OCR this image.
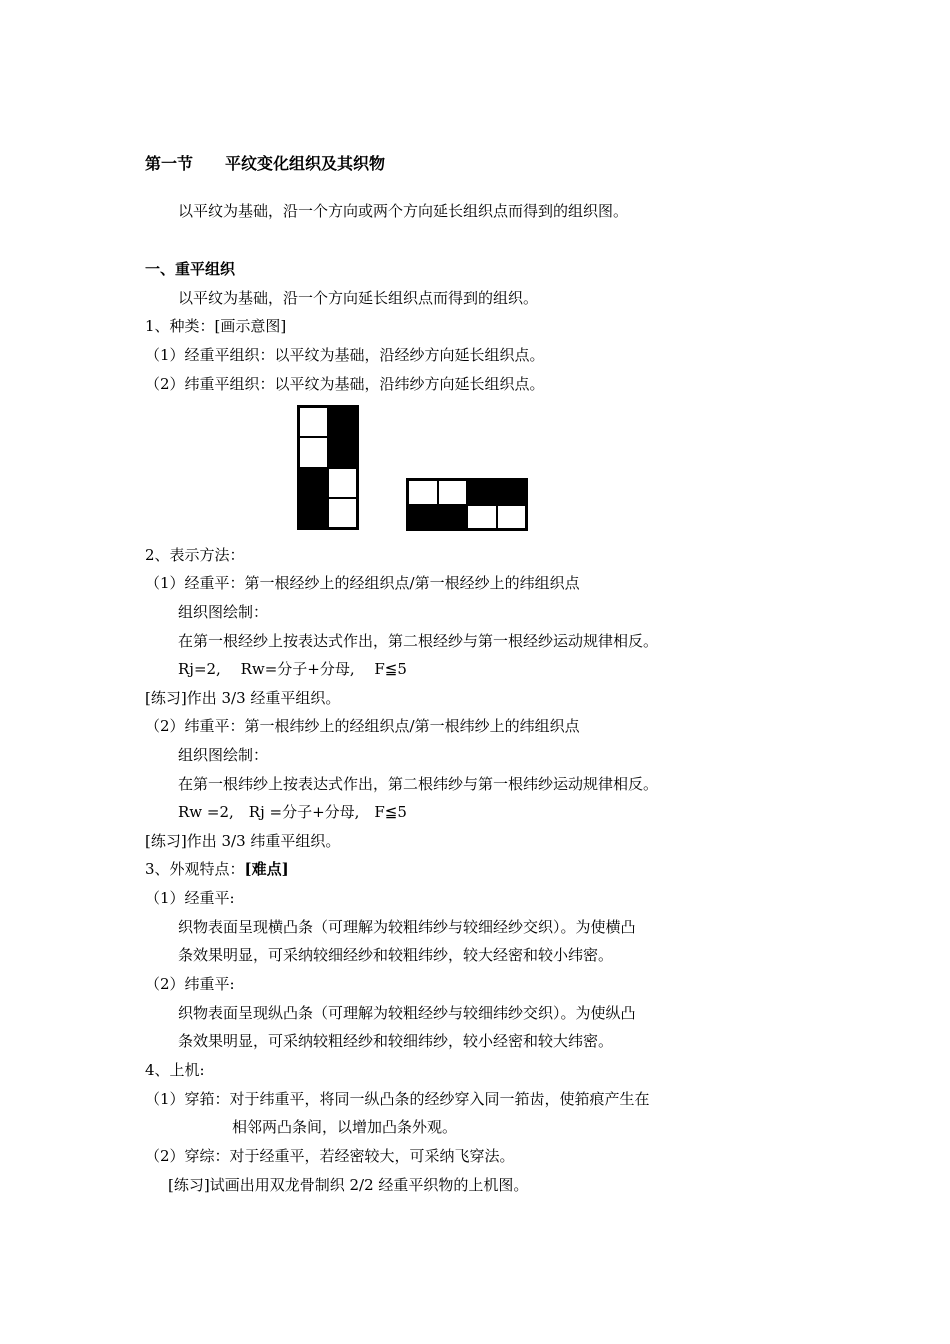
第一节　　平纹变化组织及其织物
以平纹为基础，沿一个方向或两个方向延长组织点而得到的组织图。
一、重平组织
以平纹为基础，沿一个方向延长组织点而得到的组织。
1、种类：[画示意图]
（1）经重平组织：以平纹为基础，沿经纱方向延长组织点。
（2）纬重平组织：以平纹为基础，沿纬纱方向延长组织点。
2、表示方法：
（1）经重平：第一根经纱上的经组织点/第一根经纱上的纬组织点
组织图绘制：
在第一根经纱上按表达式作出，第二根经纱与第一根经纱运动规律相反。
Rj=2,　 Rw=分子+分母,　 F≦5
[练习]作出 3/3 经重平组织。
（2）纬重平：第一根纬纱上的经组织点/第一根纬纱上的纬组织点
组织图绘制：
在第一根纬纱上按表达式作出，第二根纬纱与第一根纬纱运动规律相反。
Rw =2,　Rj =分子+分母,　F≦5
[练习]作出 3/3 纬重平组织。
3、外观特点：[难点]
（1）经重平:
织物表面呈现横凸条（可理解为较粗纬纱与较细经纱交织）。为使横凸
条效果明显，可采纳较细经纱和较粗纬纱，较大经密和较小纬密。
（2）纬重平:
织物表面呈现纵凸条（可理解为较粗经纱与较细纬纱交织）。为使纵凸
条效果明显，可采纳较粗经纱和较细纬纱，较小经密和较大纬密。
4、上机:
（1）穿筘：对于纬重平，将同一纵凸条的经纱穿入同一筘齿，使筘痕产生在
相邻两凸条间，以增加凸条外观。
（2）穿综：对于经重平，若经密较大，可采纳飞穿法。
[练习]试画出用双龙骨制织 2/2 经重平织物的上机图。
